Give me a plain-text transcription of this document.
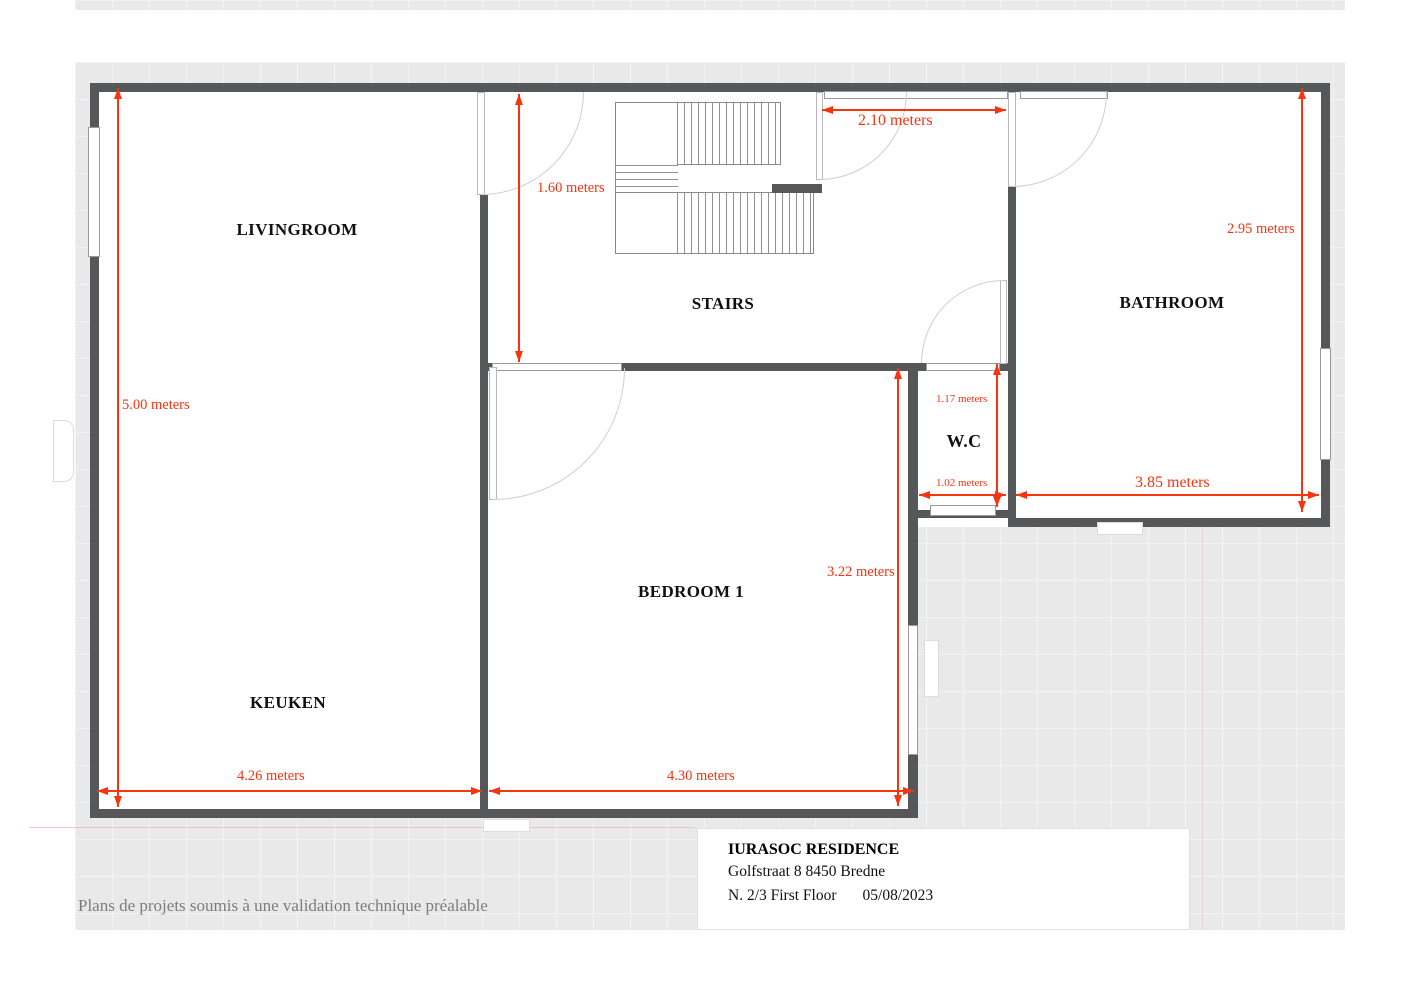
5.00 meters
1.60 meters
2.10 meters
2.95 meters
1.17 meters
1.02 meters	3.85 meters
3.22 meters
4.26 meters	4.30 meters
LIVINGROOM
STAIRS	BATHROOM
W.C
BEDROOM 1
KEUKEN
IURASOC RESIDENCE
Golfstraat 8 8450 Bredne
N. 2/3 First Floor 05/08/2023
Plans de projets soumis à une validation technique préalable
